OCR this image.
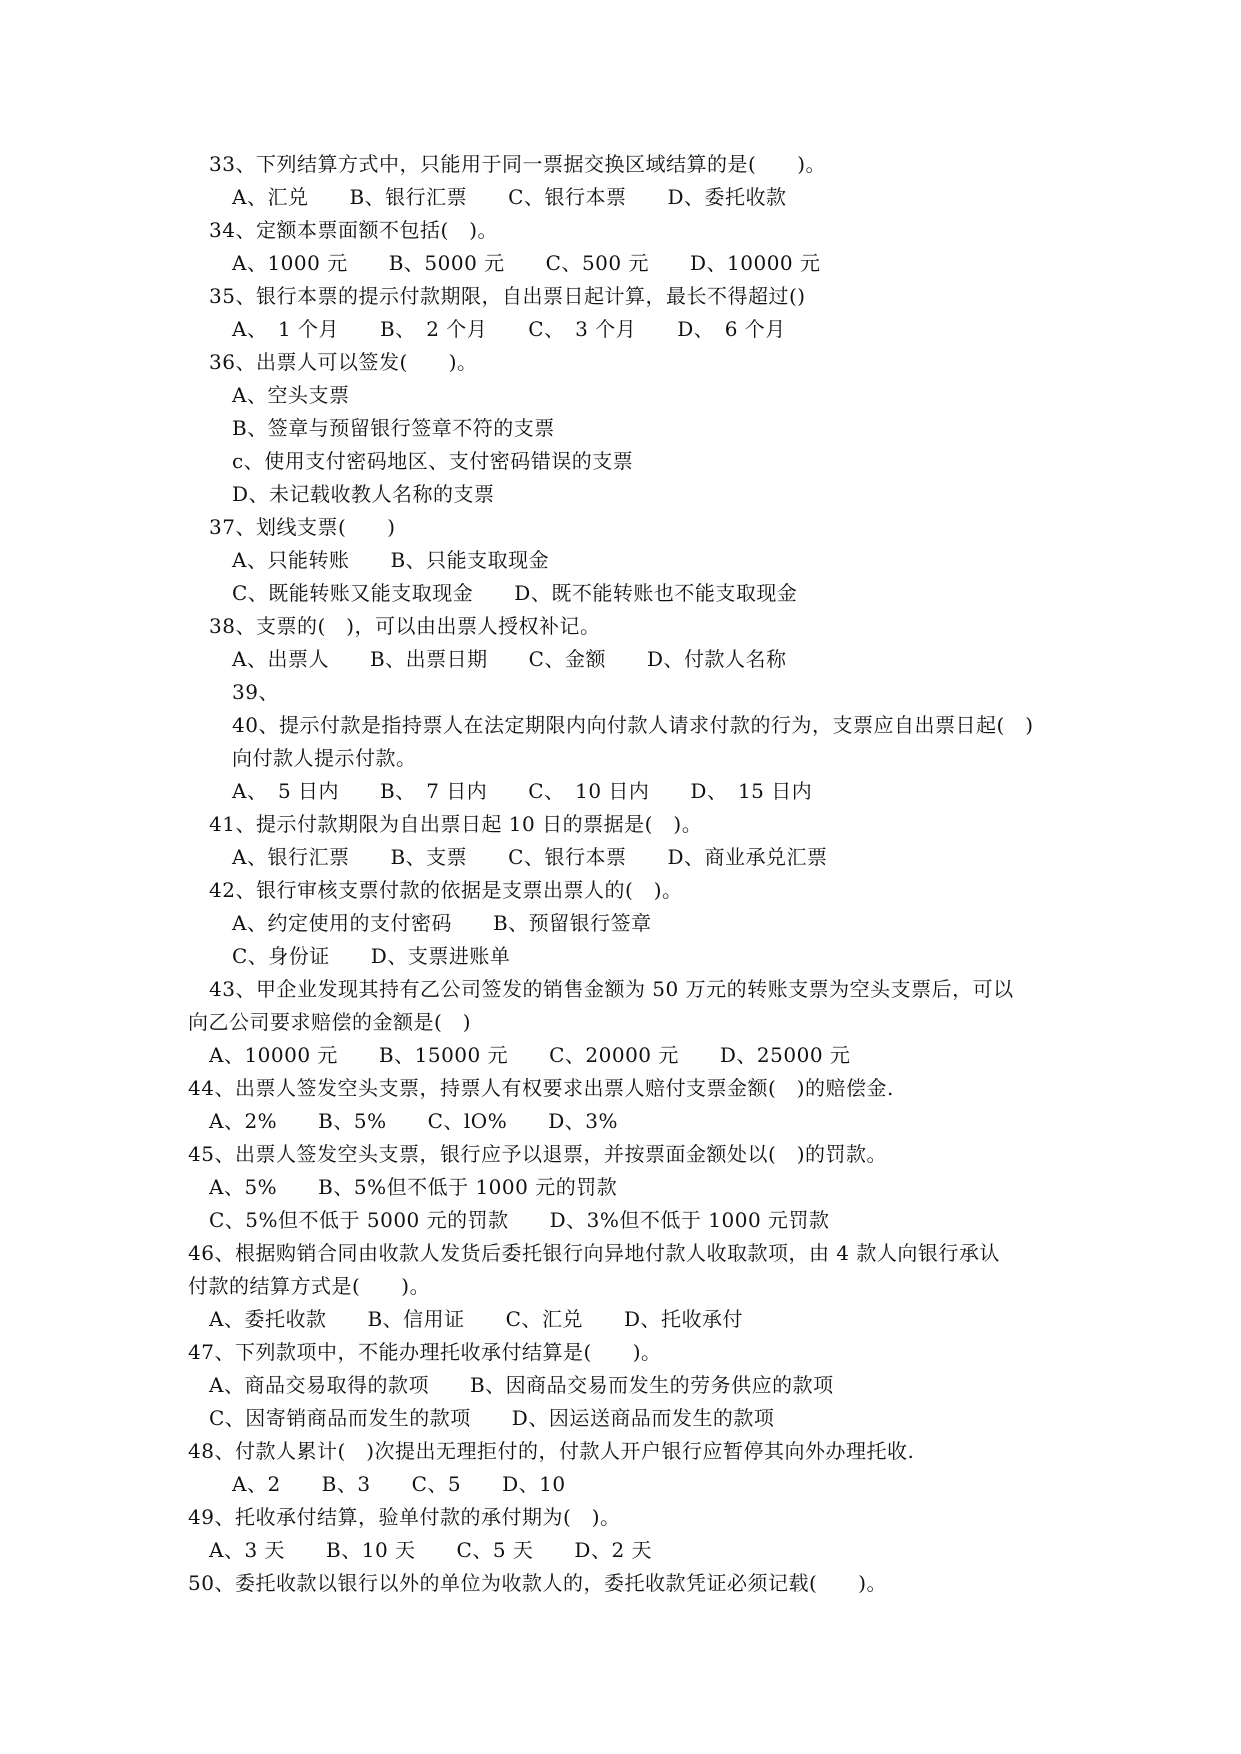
33、下列结算方式中，只能用于同一票据交换区域结算的是(　　)。
A、汇兑　　B、银行汇票　　C、银行本票　　D、委托收款
34、定额本票面额不包括(　)。
A、1000 元　　B、5000 元　　C、500 元　　D、10000 元
35、银行本票的提示付款期限，自出票日起计算，最长不得超过()
A、　1 个月　　B、　2 个月　　C、　3 个月　　D、　6 个月
36、出票人可以签发(　　)。
A、空头支票
B、签章与预留银行签章不符的支票
c、使用支付密码地区、支付密码错误的支票
D、未记载收教人名称的支票
37、划线支票(　　)
A、只能转账　　B、只能支取现金
C、既能转账又能支取现金　　D、既不能转账也不能支取现金
38、支票的(　)，可以由出票人授权补记。
A、出票人　　B、出票日期　　C、金额　　D、付款人名称
39、
40、提示付款是指持票人在法定期限内向付款人请求付款的行为，支票应自出票日起(　)
向付款人提示付款。
A、　5 日内　　B、　7 日内　　C、　10 日内　　D、　15 日内
41、提示付款期限为自出票日起 10 日的票据是(　)。
A、银行汇票　　B、支票　　C、银行本票　　D、商业承兑汇票
42、银行审核支票付款的依据是支票出票人的(　)。
A、约定使用的支付密码　　B、预留银行签章
C、身份证　　D、支票进账单
43、甲企业发现其持有乙公司签发的销售金额为 50 万元的转账支票为空头支票后，可以
向乙公司要求赔偿的金额是(　)
A、10000 元　　B、15000 元　　C、20000 元　　D、25000 元
44、出票人签发空头支票，持票人有权要求出票人赔付支票金额(　)的赔偿金.
A、2%　　B、5%　　C、lO%　　D、3%
45、出票人签发空头支票，银行应予以退票，并按票面金额处以(　)的罚款。
A、5%　　B、5%但不低于 1000 元的罚款
C、5%但不低于 5000 元的罚款　　D、3%但不低于 1000 元罚款
46、根据购销合同由收款人发货后委托银行向异地付款人收取款项，由 4 款人向银行承认
付款的结算方式是(　　)。
A、委托收款　　B、信用证　　C、汇兑　　D、托收承付
47、下列款项中，不能办理托收承付结算是(　　)。
A、商品交易取得的款项　　B、因商品交易而发生的劳务供应的款项
C、因寄销商品而发生的款项　　D、因运送商品而发生的款项
48、付款人累计(　)次提出无理拒付的，付款人开户银行应暂停其向外办理托收.
A、2　　B、3　　C、5　　D、10
49、托收承付结算，验单付款的承付期为(　)。
A、3 天　　B、10 天　　C、5 天　　D、2 天
50、委托收款以银行以外的单位为收款人的，委托收款凭证必须记载(　　)。
